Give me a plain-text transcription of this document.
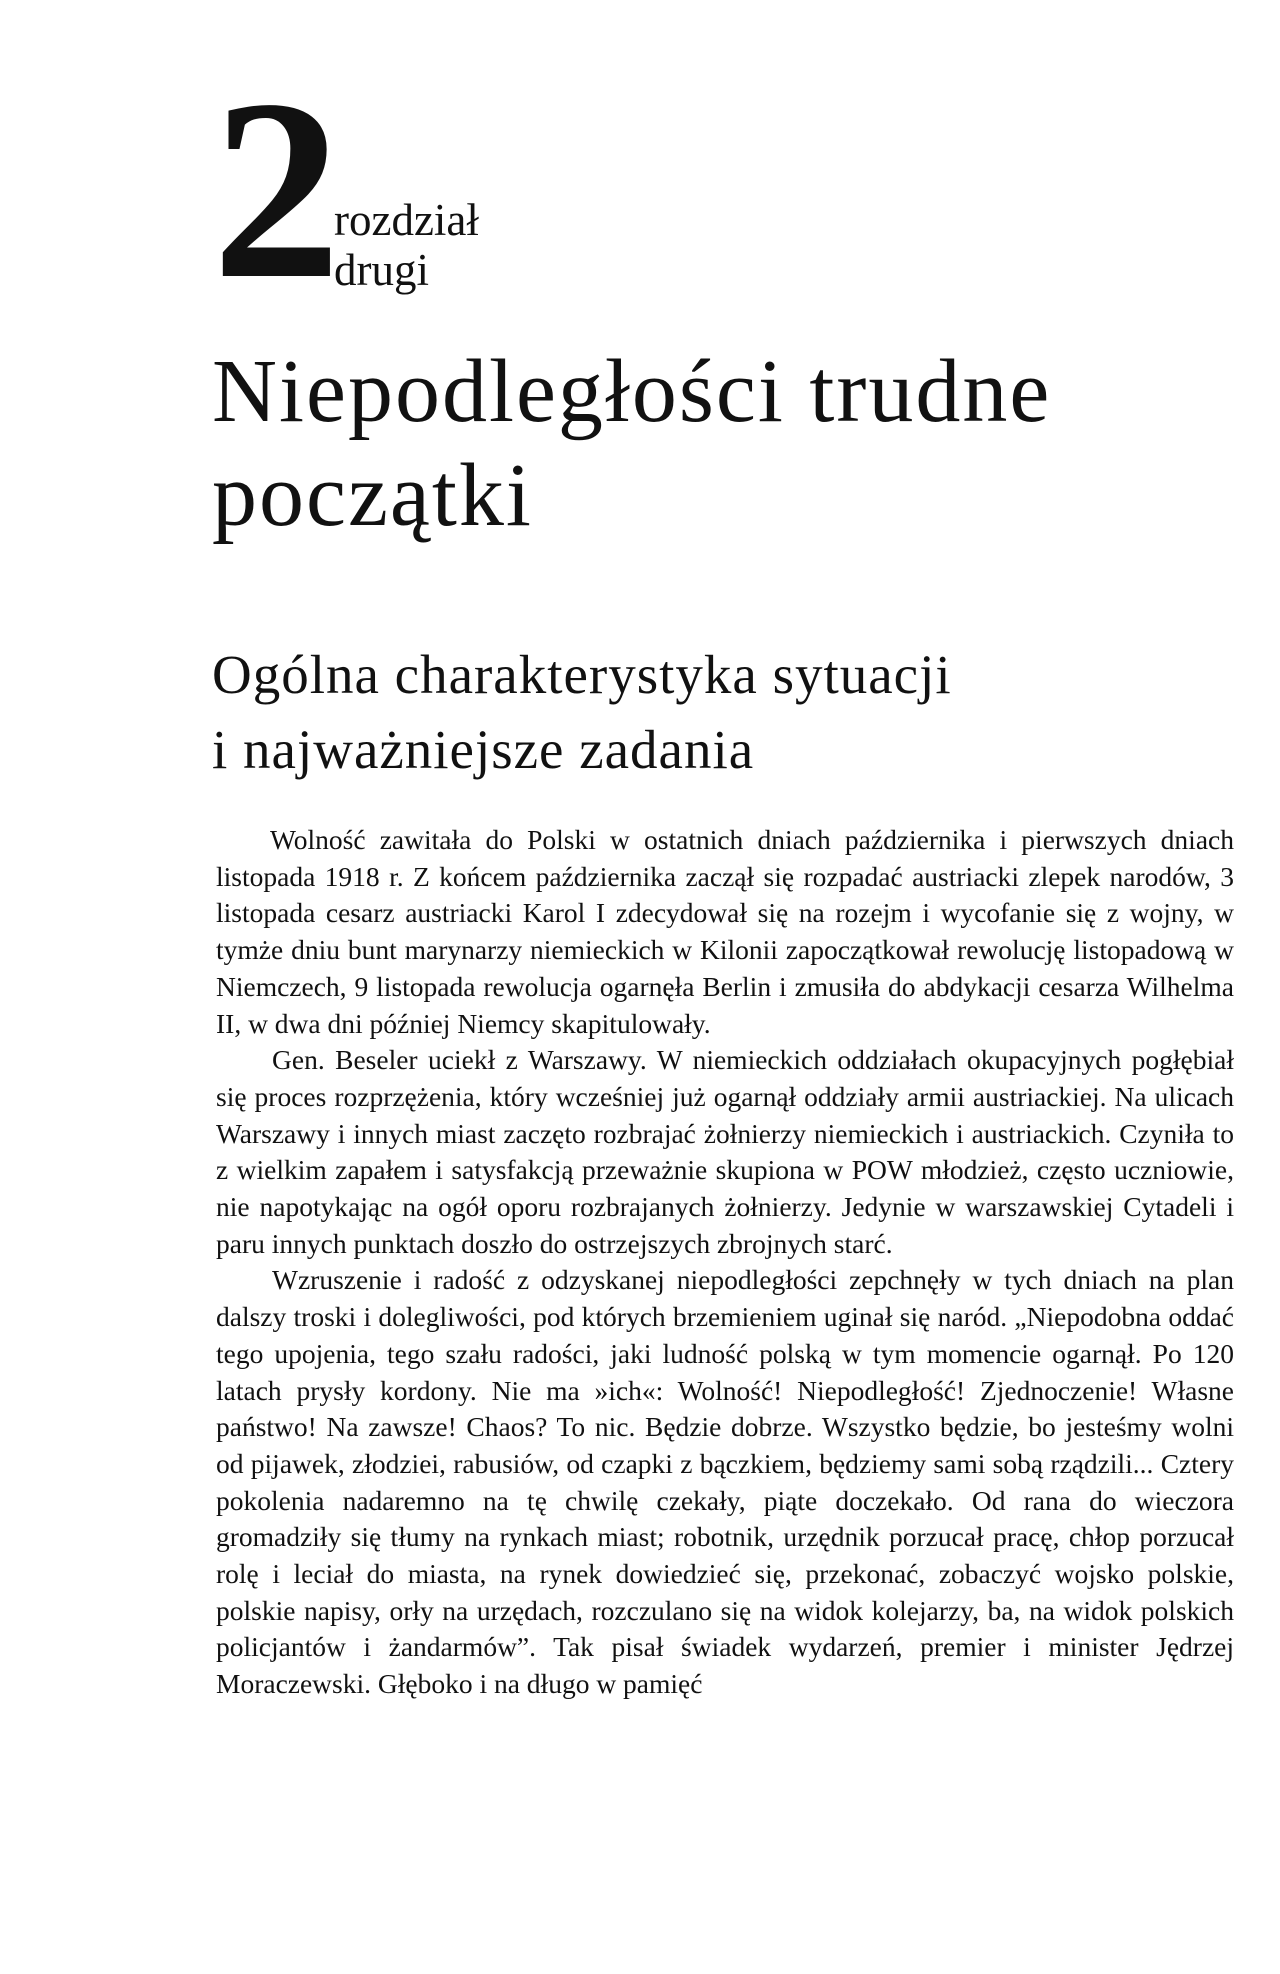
2
rozdział
drugi
Niepodległości trudne
początki
Ogólna charakterystyka sytuacji
i najważniejsze zadania

Wolność zawitała do Polski w ostatnich dniach października i pierwszych dniach listopada 1918 r. Z końcem października zaczął się rozpadać austriacki zlepek narodów, 3 listopada cesarz austriacki Karol I zdecydował się na rozejm i wycofanie się z wojny, w tymże dniu bunt marynarzy niemieckich w Kilonii zapoczątkował rewolucję listopadową w Niemczech, 9 listopada rewolucja ogarnęła Berlin i zmusiła do abdykacji cesarza Wilhelma II, w dwa dni później Niemcy skapitulowały.

Gen. Beseler uciekł z Warszawy. W niemieckich oddziałach okupacyjnych pogłębiał się proces rozprzężenia, który wcześniej już ogarnął oddziały armii austriackiej. Na ulicach Warszawy i innych miast zaczęto rozbrajać żołnierzy niemieckich i austriackich. Czyniła to z wielkim zapałem i satysfakcją przeważnie skupiona w POW młodzież, często uczniowie, nie napotykając na ogół oporu rozbrajanych żołnierzy. Jedynie w warszawskiej Cytadeli i paru innych punktach doszło do ostrzejszych zbrojnych starć.

Wzruszenie i radość z odzyskanej niepodległości zepchnęły w tych dniach na plan dalszy troski i dolegliwości, pod których brzemieniem uginał się naród. „Niepodobna oddać tego upojenia, tego szału radości, jaki ludność polską w tym momencie ogarnął. Po 120 latach prysły kordony. Nie ma »ich«: Wolność! Niepodległość! Zjednoczenie! Własne państwo! Na zawsze! Chaos? To nic. Będzie dobrze. Wszystko będzie, bo jesteśmy wolni od pijawek, złodziei, rabusiów, od czapki z bączkiem, będziemy sami sobą rządzili... Cztery pokolenia nadaremno na tę chwilę czekały, piąte doczekało. Od rana do wieczora gromadziły się tłumy na rynkach miast; robotnik, urzędnik porzucał pracę, chłop porzucał rolę i leciał do miasta, na rynek dowiedzieć się, przekonać, zobaczyć wojsko polskie, polskie napisy, orły na urzędach, rozczulano się na widok kolejarzy, ba, na widok polskich policjantów i żandarmów”. Tak pisał świadek wydarzeń, premier i minister Jędrzej Moraczewski. Głęboko i na długo w pamięć
